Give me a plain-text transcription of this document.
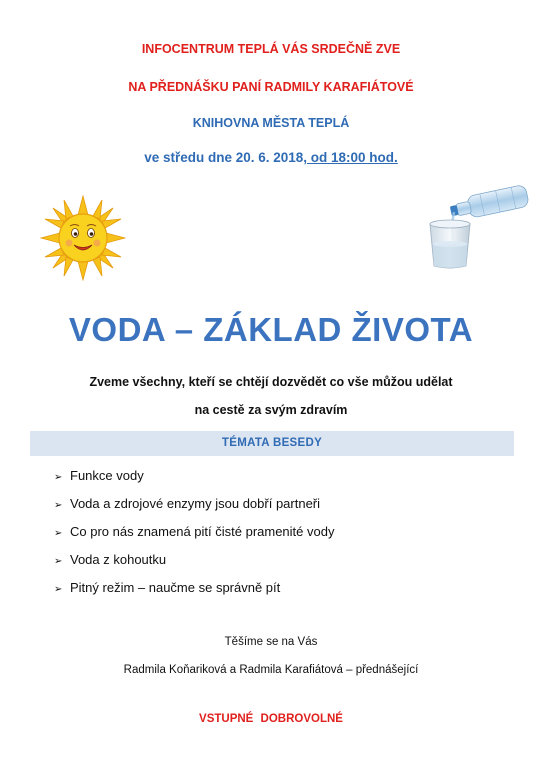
INFOCENTRUM TEPLÁ VÁS SRDEČNĚ ZVE
NA PŘEDNÁŠKU PANÍ RADMILY KARAFIÁTOVÉ
KNIHOVNA MĚSTA TEPLÁ
ve středu dne 20. 6. 2018, od 18:00 hod.
VODA – ZÁKLAD ŽIVOTA
Zveme všechny, kteří se chtějí dozvědět co vše můžou udělat
na cestě za svým zdravím
TÉMATA BESEDY
➢ Funkce vody
➢ Voda a zdrojové enzymy jsou dobří partneři
➢ Co pro nás znamená pití čisté pramenité vody
➢ Voda z kohoutku
➢ Pitný režim – naučme se správně pít
Těšíme se na Vás
Radmila Koňariková a Radmila Karafiátová – přednášející
VSTUPNÉ DOBROVOLNÉ
